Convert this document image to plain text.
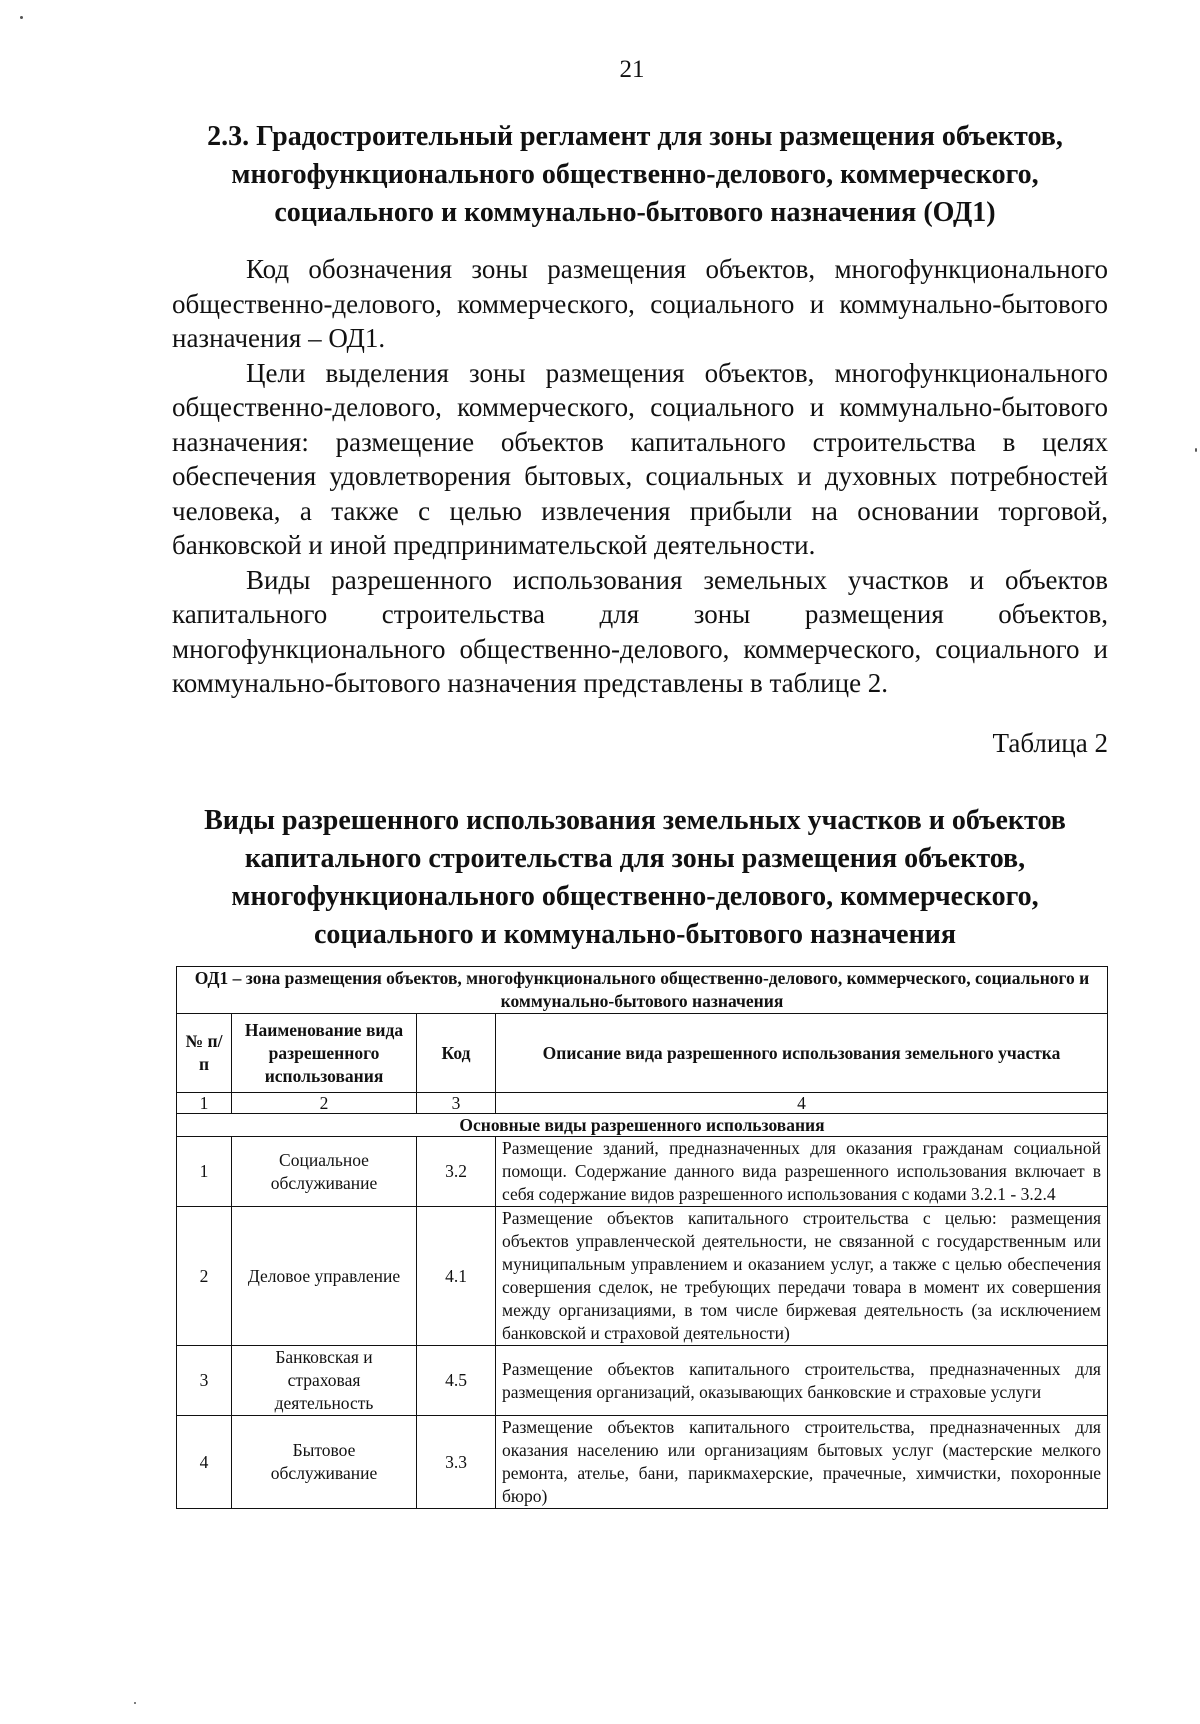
21
2.3. Градостроительный регламент для зоны размещения объектов,
многофункционального общественно-делового, коммерческого,
социального и коммунально-бытового назначения (ОД1)

Код обозначения зоны размещения объектов, многофункционального общественно-делового, коммерческого, социального и коммунально-бытового назначения – ОД1.

Цели выделения зоны размещения объектов, многофункционального общественно-делового, коммерческого, социального и коммунально-бытового назначения: размещение объектов капитального строительства в целях обеспечения удовлетворения бытовых, социальных и духовных потребностей человека, а также с целью извлечения прибыли на основании торговой, банковской и иной предпринимательской деятельности.

Виды разрешенного использования земельных участков и объектов капитального строительства для зоны размещения объектов, многофункционального общественно-делового, коммерческого, социального и коммунально-бытового назначения представлены в таблице 2.

Таблица 2
Виды разрешенного использования земельных участков и объектов
капитального строительства для зоны размещения объектов,
многофункционального общественно-делового, коммерческого,
социального и коммунально-бытового назначения
ОД1 – зона размещения объектов, многофункционального общественно-делового, коммерческого, социального и коммунально-бытового назначения			
№ п/п	Наименование вида разрешенного использования	Код	Описание вида разрешенного использования земельного участка
1	2	3	4
Основные виды разрешенного использования			
1	Социальное обслуживание	3.2	Размещение зданий, предназначенных для оказания гражданам социальной помощи. Содержание данного вида разрешенного использования включает в себя содержание видов разрешенного использования с кодами 3.2.1 - 3.2.4
2	Деловое управление	4.1	Размещение объектов капитального строительства с целью: размещения объектов управленческой деятельности, не связанной с государственным или муниципальным управлением и оказанием услуг, а также с целью обеспечения совершения сделок, не требующих передачи товара в момент их совершения между организациями, в том числе биржевая деятельность (за исключением банковской и страховой деятельности)
3	Банковская и страховая деятельность	4.5	Размещение объектов капитального строительства, предназначенных для размещения организаций, оказывающих банковские и страховые услуги
4	Бытовое обслуживание	3.3	Размещение объектов капитального строительства, предназначенных для оказания населению или организациям бытовых услуг (мастерские мелкого ремонта, ателье, бани, парикмахерские, прачечные, химчистки, похоронные бюро)
